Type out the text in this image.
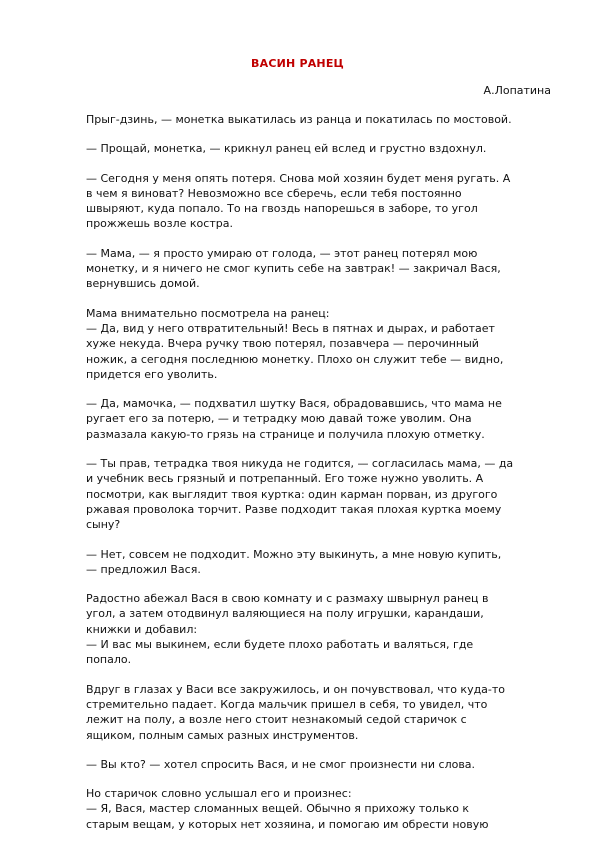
ВАСИН РАНЕЦ
А.Лопатина

Прыг-дзинь, — монетка выкатилась из ранца и покатилась по мостовой.

— Прощай, монетка, — крикнул ранец ей вслед и грустно вздохнул.

— Сегодня у меня опять потеря. Снова мой хозяин будет меня ругать. А
в чем я виноват? Невозможно все сберечь, если тебя постоянно
швыряют, куда попало. То на гвоздь напорешься в заборе, то угол
прожжешь возле костра.

— Мама, — я просто умираю от голода, — этот ранец потерял мою
монетку, и я ничего не смог купить себе на завтрак! — закричал Вася,
вернувшись домой.

Мама внимательно посмотрела на ранец:
— Да, вид у него отвратительный! Весь в пятнах и дырах, и работает
хуже некуда. Вчера ручку твою потерял, позавчера — перочинный
ножик, а сегодня последнюю монетку. Плохо он служит тебе — видно,
придется его уволить.

— Да, мамочка, — подхватил шутку Вася, обрадовавшись, что мама не
ругает его за потерю, — и тетрадку мою давай тоже уволим. Она
размазала какую-то грязь на странице и получила плохую отметку.

— Ты прав, тетрадка твоя никуда не годится, — согласилась мама, — да
и учебник весь грязный и потрепанный. Его тоже нужно уволить. А
посмотри, как выглядит твоя куртка: один карман порван, из другого
ржавая проволока торчит. Разве подходит такая плохая куртка моему
сыну?

— Нет, совсем не подходит. Можно эту выкинуть, а мне новую купить,
— предложил Вася.

Радостно абежал Вася в свою комнату и с размаху швырнул ранец в
угол, а затем отодвинул валяющиеся на полу игрушки, карандаши,
книжки и добавил:
— И вас мы выкинем, если будете плохо работать и валяться, где
попало.

Вдруг в глазах у Васи все закружилось, и он почувствовал, что куда-то
стремительно падает. Когда мальчик пришел в себя, то увидел, что
лежит на полу, а возле него стоит незнакомый седой старичок с
ящиком, полным самых разных инструментов.

— Вы кто? — хотел спросить Вася, и не смог произнести ни слова.

Но старичок словно услышал его и произнес:
— Я, Вася, мастер сломанных вещей. Обычно я прихожу только к
старым вещам, у которых нет хозяина, и помогаю им обрести новую
